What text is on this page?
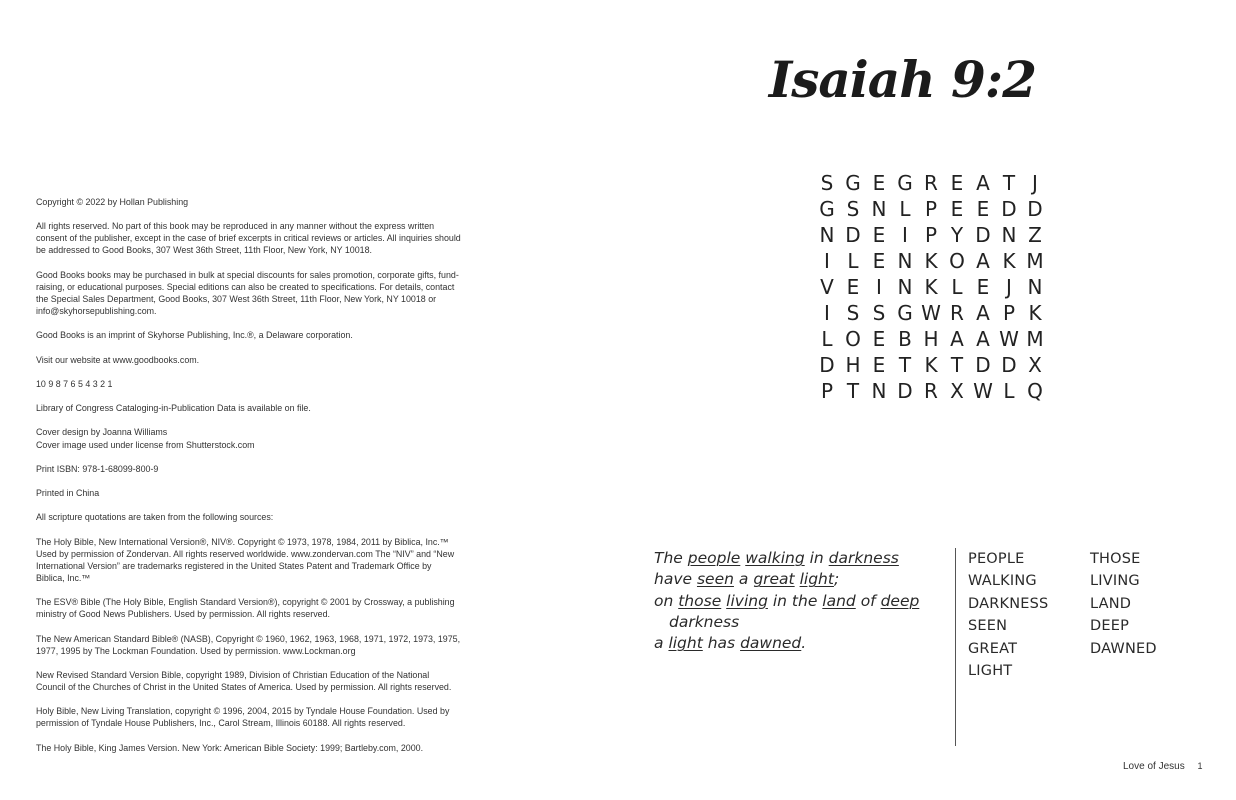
Copyright © 2022 by Hollan Publishing

All rights reserved. No part of this book may be reproduced in any manner without the express written consent of the publisher, except in the case of brief excerpts in critical reviews or articles. All inquiries should be addressed to Good Books, 307 West 36th Street, 11th Floor, New York, NY 10018.

Good Books books may be purchased in bulk at special discounts for sales promotion, corporate gifts, fund-raising, or educational purposes. Special editions can also be created to specifications. For details, contact the Special Sales Department, Good Books, 307 West 36th Street, 11th Floor, New York, NY 10018 or info@skyhorsepublishing.com.

Good Books is an imprint of Skyhorse Publishing, Inc.®, a Delaware corporation.

Visit our website at www.goodbooks.com.

10 9 8 7 6 5 4 3 2 1

Library of Congress Cataloging-in-Publication Data is available on file.

Cover design by Joanna Williams
Cover image used under license from Shutterstock.com

Print ISBN: 978-1-68099-800-9

Printed in China

All scripture quotations are taken from the following sources:

The Holy Bible, New International Version®, NIV®. Copyright © 1973, 1978, 1984, 2011 by Biblica, Inc.™ Used by permission of Zondervan. All rights reserved worldwide. www.zondervan.com The “NIV” and “New International Version” are trademarks registered in the United States Patent and Trademark Office by Biblica, Inc.™

The ESV® Bible (The Holy Bible, English Standard Version®), copyright © 2001 by Crossway, a publishing ministry of Good News Publishers. Used by permission. All rights reserved.

The New American Standard Bible® (NASB), Copyright © 1960, 1962, 1963, 1968, 1971, 1972, 1973, 1975, 1977, 1995 by The Lockman Foundation. Used by permission. www.Lockman.org

New Revised Standard Version Bible, copyright 1989, Division of Christian Education of the National Council of the Churches of Christ in the United States of America. Used by permission. All rights reserved.

Holy Bible, New Living Translation, copyright © 1996, 2004, 2015 by Tyndale House Foundation. Used by permission of Tyndale House Publishers, Inc., Carol Stream, Illinois 60188. All rights reserved.

The Holy Bible, King James Version. New York: American Bible Society: 1999; Bartleby.com, 2000.

Isaiah 9:2
S G E G R E A T J
G S N L P E E D D
N D E I P Y D N Z
I L E N K O A K M
V E I N K L E J N
I S S G W R A P K
L O E B H A A W M
D H E T K T D D X
P T N D R X W L Q
The people walking in darkness
have seen a great light;
on those living in the land of deep
darkness
a light has dawned.
PEOPLE
WALKING
DARKNESS
SEEN
GREAT
LIGHT
THOSE
LIVING
LAND
DEEP
DAWNED
Love of Jesus 1
